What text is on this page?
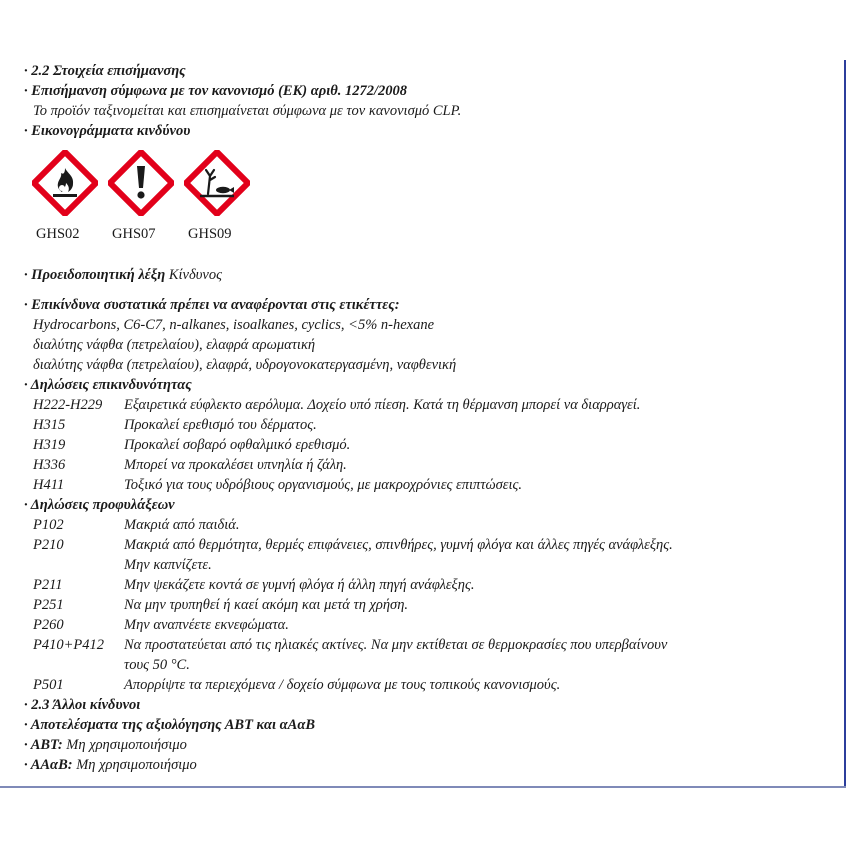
· 2.2 Στοιχεία επισήμανσης
· Επισήμανση σύμφωνα με τον κανονισμό (ΕΚ) αριθ. 1272/2008
Το προϊόν ταξινομείται και επισημαίνεται σύμφωνα με τον κανονισμό CLP.
· Εικονογράμματα κινδύνου
GHS02 GHS07 GHS09
· Προειδοποιητική λέξη Κίνδυνος
· Επικίνδυνα συστατικά πρέπει να αναφέρονται στις ετικέττες:
Hydrocarbons, C6-C7, n-alkanes, isoalkanes, cyclics, <5% n-hexane
διαλύτης νάφθα (πετρελαίου), ελαφρά αρωματική
διαλύτης νάφθα (πετρελαίου), ελαφρά, υδρογονοκατεργασμένη, ναφθενική
· Δηλώσεις επικινδυνότητας
H222-H229 Εξαιρετικά εύφλεκτο αερόλυμα. Δοχείο υπό πίεση. Κατά τη θέρμανση μπορεί να διαρραγεί.
H315	Προκαλεί ερεθισμό του δέρματος.
H319	Προκαλεί σοβαρό οφθαλμικό ερεθισμό.
H336	Μπορεί να προκαλέσει υπνηλία ή ζάλη.
H411	Τοξικό για τους υδρόβιους οργανισμούς, με μακροχρόνιες επιπτώσεις.
· Δηλώσεις προφυλάξεων
P102	Μακριά από παιδιά.
P210	Μακριά από θερμότητα, θερμές επιφάνειες, σπινθήρες, γυμνή φλόγα και άλλες πηγές ανάφλεξης.
Μην καπνίζετε.
P211	Μην ψεκάζετε κοντά σε γυμνή φλόγα ή άλλη πηγή ανάφλεξης.
P251	Να μην τρυπηθεί ή καεί ακόμη και μετά τη χρήση.
P260	Μην αναπνέετε εκνεφώματα.
P410+P412 Να προστατεύεται από τις ηλιακές ακτίνες. Να μην εκτίθεται σε θερμοκρασίες που υπερβαίνουν
τους 50 °C.
P501	Απορρίψτε τα περιεχόμενα / δοχείο σύμφωνα με τους τοπικούς κανονισμούς.
· 2.3 Άλλοι κίνδυνοι
· Αποτελέσματα της αξιολόγησης ΑΒΤ και αΑαΒ
· ΑΒΤ: Μη χρησιμοποιήσιμο
· ΑΑαΒ: Μη χρησιμοποιήσιμο
